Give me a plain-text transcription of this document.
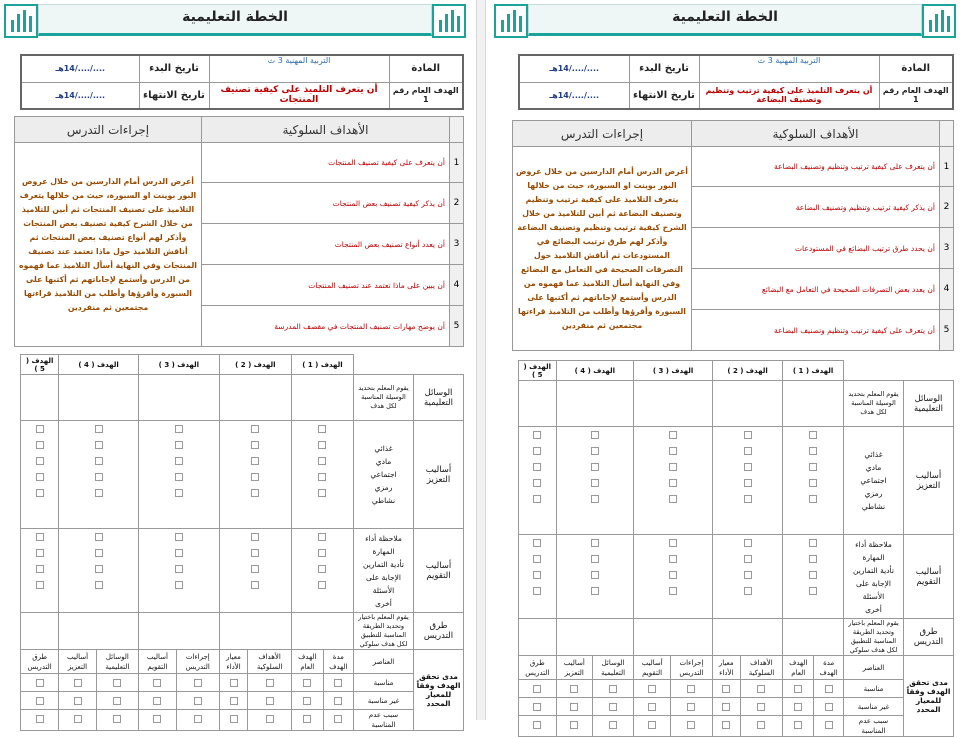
الخطة التعليمية
المادة	التربية المهنية 3 ث	تاريخ البدء	..../..../14هـ
الهدف العام رقم 1	أن يتعرف التلميذ على كيفية تصنيف المنتجات	تاريخ الانتهاء	..../..../14هـ
	الأهداف السلوكية	إجراءات التدرس
1	أن يتعرف على كيفية تصنيف المنتجات	أعرض الدرس أمام الدارسين من خلال عروض البور بوينت او السبورة، حيث من خلالها يتعرف التلاميذ على تصنيف المنتجات ثم أبين للتلاميذ من خلال الشرح كيفية تصنيف بعض المنتجات وأذكر لهم أنواع تصنيف بعض المنتجات ثم أناقش التلاميذ حول ماذا تعتمد عند تصنيف المنتجات وفي النهاية أسأل التلاميذ عما فهموه من الدرس وأستمع لإجاباتهم ثم أكتبها على السبورة وأقرؤها وأطلب من التلاميذ قراءتها مجتمعين ثم منفردين
2	أن يذكر كيفية تصنيف بعض المنتجات	
3	أن يعدد أنواع تصنيف بعض المنتجات	
4	أن يبين على ماذا تعتمد عند تصنيف المنتجات	
5	أن يوضح مهارات تصنيف المنتجات في مقصف المدرسة	
		الهدف ( 1 )		الهدف ( 2 )		الهدف ( 3 )		الهدف ( 4 )		الهدف ( 5 )
الوسائل التعليمية	يقوم المعلم بتحديد الوسيلة المناسبة لكل هدف									
أساليب التعزيز	غذائي
مادي
اجتماعي
رمزي
نشاطي									

أساليب التقويم	ملاحظة أداء المهارة
تأدية التمارين
الإجابة على الأسئلة
أخرى									

طرق التدريس	يقوم المعلم باختيار وتحديد الطريقة المناسبة للتطبيق لكل هدف سلوكي									
مدى تحقق الهدف وفقاً للمعيار المحدد	العناصر	مدة الهدف	الهدف العام	الأهداف السلوكية	معيار الأداء	إجراءات التدريس	أساليب التقويم	الوسائل التعليمية	أساليب التعزيز	طرق التدريس
	مناسبة	

	غير مناسبة	

	سبب عدم المناسبة	

الخطة التعليمية
المادة	التربية المهنية 3 ث	تاريخ البدء	..../..../14هـ
الهدف العام رقم 1	أن يتعرف التلميذ على كيفية ترتيب وتنظيم وتصنيف البضاعة	تاريخ الانتهاء	..../..../14هـ
	الأهداف السلوكية	إجراءات التدرس
1	أن يتعرف على كيفية ترتيب وتنظيم وتصنيف البضاعة	أعرض الدرس أمام الدارسين من خلال عروض البور بوينت او السبورة، حيث من خلالها يتعرف التلاميذ على كيفية ترتيب وتنظيم وتصنيف البضاعة ثم أبين للتلاميذ من خلال الشرح كيفية ترتيب وتنظيم وتصنيف البضاعة وأذكر لهم طرق ترتيب البضائع في المستودعات ثم أناقش التلاميذ حول التصرفات الصحيحة في التعامل مع البضائع وفي النهاية أسأل التلاميذ عما فهموه من الدرس وأستمع لإجاباتهم ثم أكتبها على السبورة وأقرؤها وأطلب من التلاميذ قراءتها مجتمعين ثم منفردين
2	أن يذكر كيفية ترتيب وتنظيم وتصنيف البضاعة	
3	أن يحدد طرق ترتيب البضائع في المستودعات	
4	أن يعدد بعض التصرفات الصحيحة في التعامل مع البضائع	
5	أن يتعرف على كيفية ترتيب وتنظيم وتصنيف البضاعة	
		الهدف ( 1 )		الهدف ( 2 )		الهدف ( 3 )		الهدف ( 4 )		الهدف ( 5 )
الوسائل التعليمية	يقوم المعلم بتحديد الوسيلة المناسبة لكل هدف									
أساليب التعزيز	غذائي
مادي
اجتماعي
رمزي
نشاطي									

أساليب التقويم	ملاحظة أداء المهارة
تأدية التمارين
الإجابة على الأسئلة
أخرى									

طرق التدريس	يقوم المعلم باختيار وتحديد الطريقة المناسبة للتطبيق لكل هدف سلوكي									
مدى تحقق الهدف وفقاً للمعيار المحدد	العناصر	مدة الهدف	الهدف العام	الأهداف السلوكية	معيار الأداء	إجراءات التدريس	أساليب التقويم	الوسائل التعليمية	أساليب التعزيز	طرق التدريس
	مناسبة	

	غير مناسبة	

	سبب عدم المناسبة	
